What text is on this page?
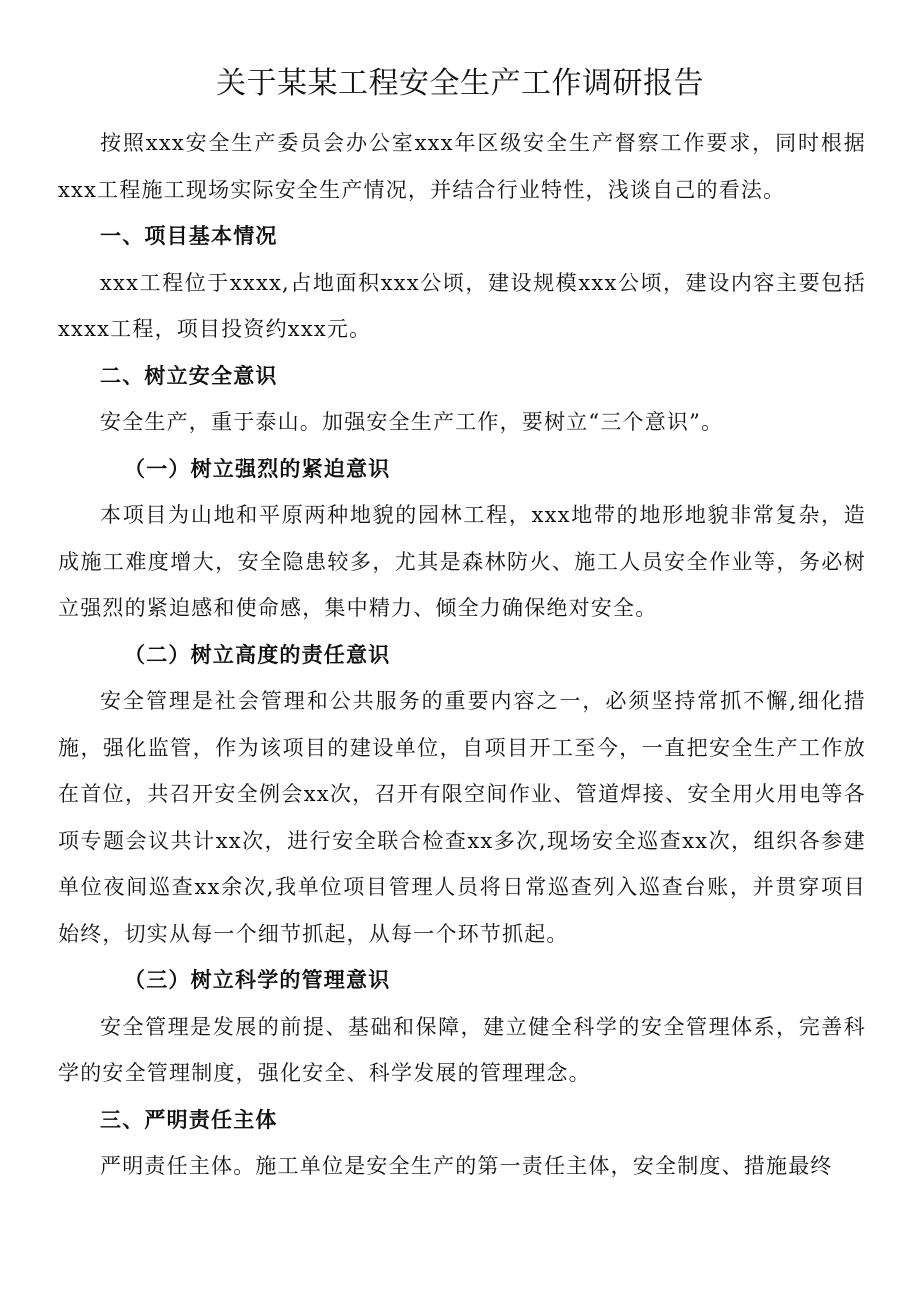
关于某某工程安全生产工作调研报告

按照xxx安全生产委员会办公室xxx年区级安全生产督察工作要求，同时根据xxx工程施工现场实际安全生产情况，并结合行业特性，浅谈自己的看法。

一、项目基本情况

xxx工程位于xxxx,占地面积xxx公顷，建设规模xxx公顷，建设内容主要包括xxxx工程，项目投资约xxx元。

二、树立安全意识

安全生产，重于泰山。加强安全生产工作，要树立“三个意识”。

（一）树立强烈的紧迫意识

本项目为山地和平原两种地貌的园林工程，xxx地带的地形地貌非常复杂，造成施工难度增大，安全隐患较多，尤其是森林防火、施工人员安全作业等，务必树立强烈的紧迫感和使命感，集中精力、倾全力确保绝对安全。

（二）树立高度的责任意识

安全管理是社会管理和公共服务的重要内容之一，必须坚持常抓不懈,细化措施，强化监管，作为该项目的建设单位，自项目开工至今，一直把安全生产工作放在首位，共召开安全例会xx次，召开有限空间作业、管道焊接、安全用火用电等各项专题会议共计xx次，进行安全联合检查xx多次,现场安全巡查xx次，组织各参建单位夜间巡查xx余次,我单位项目管理人员将日常巡查列入巡查台账，并贯穿项目始终，切实从每一个细节抓起，从每一个环节抓起。

（三）树立科学的管理意识

安全管理是发展的前提、基础和保障，建立健全科学的安全管理体系，完善科学的安全管理制度，强化安全、科学发展的管理理念。

三、严明责任主体

严明责任主体。施工单位是安全生产的第一责任主体，安全制度、措施最终
